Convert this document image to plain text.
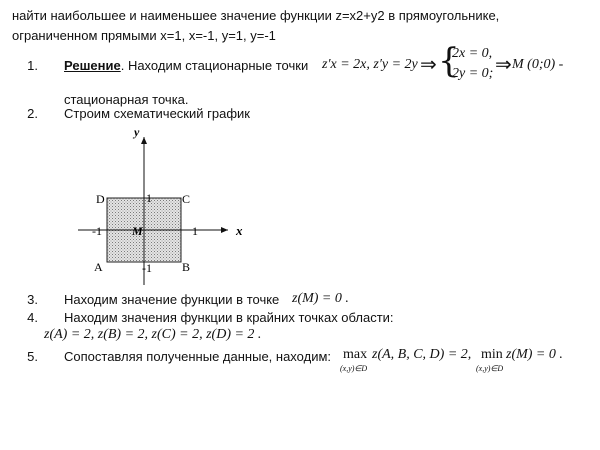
найти наибольшее и наименьшее значение функции z=x2+y2 в прямоугольнике,
ограниченном прямыми x=1, x=-1, y=1, y=-1
1. Решение. Находим стационарные точки z′x = 2x, z′y = 2y ⇒ {
2x = 0,
2y = 0; ⇒ M (0;0) -
стационарная точка.
2. Строим схематический график
y
x
1
-1
-1	1
M
D	C
A	B
3. Находим значение функции в точке z(M) = 0 .
4. Находим значения функции в крайних точках области:
z(A) = 2, z(B) = 2, z(C) = 2, z(D) = 2 .
5. Сопоставляя полученные данные, находим: max
(x,y)∈D
z(A, B, C, D) = 2, min
(x,y)∈D
z(M) = 0 .
